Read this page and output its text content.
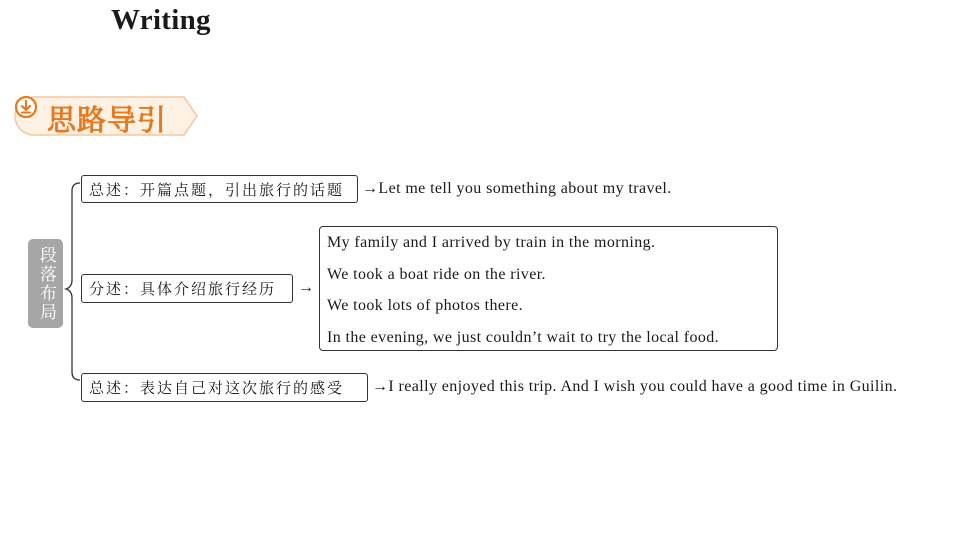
Writing
思路导引
段落布局
总述：开篇点题，引出旅行的话题 →Let me tell you something about my travel.
分述：具体介绍旅行经历 →
My family and I arrived by train in the morning.
We took a boat ride on the river.
We took lots of photos there.
In the evening, we just couldn’t wait to try the local food.
总述：表达自己对这次旅行的感受 →I really enjoyed this trip. And I wish you could have a good time in Guilin.
